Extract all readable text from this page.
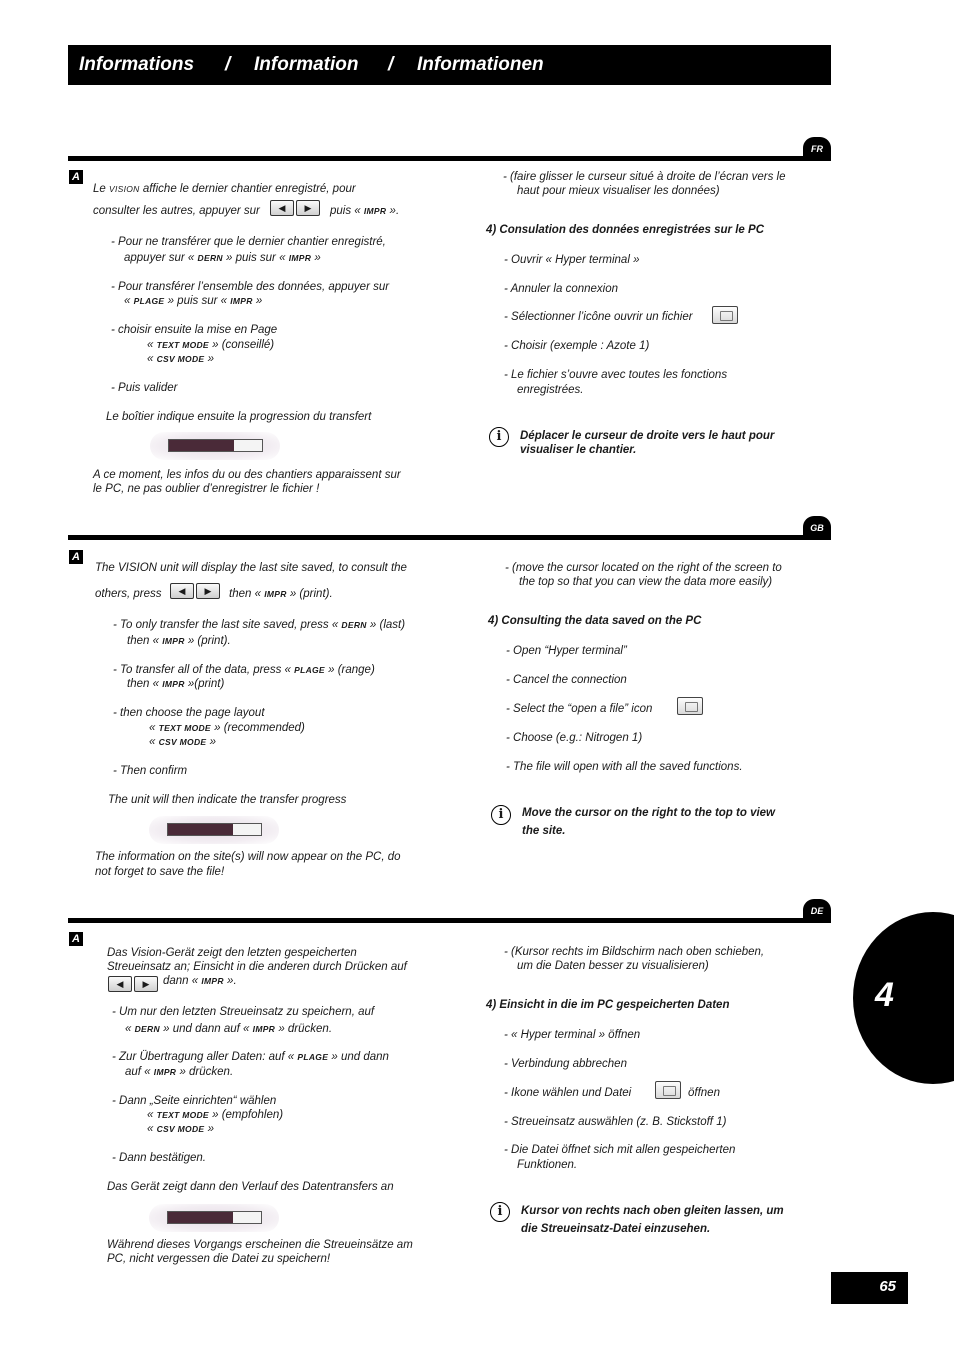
Informations / Information / Informationen
FR
A
Le VISION affiche le dernier chantier enregistré, pour
consulter les autres, appuyer sur	◀	▶	puis « IMPR ».
- Pour ne transférer que le dernier chantier enregistré,
appuyer sur « DERN » puis sur « IMPR »
- Pour transférer l’ensemble des données, appuyer sur
« PLAGE » puis sur « IMPR »
- choisir ensuite la mise en Page
« TEXT MODE » (conseillé)
« CSV MODE »
- Puis valider
Le boîtier indique ensuite la progression du transfert
A ce moment, les infos du ou des chantiers apparaissent sur
le PC, ne pas oublier d’enregistrer le fichier !
- (faire glisser le curseur situé à droite de l’écran vers le
haut pour mieux visualiser les données)
4) Consulation des données enregistrées sur le PC
- Ouvrir « Hyper terminal »
- Annuler la connexion
- Sélectionner l’icône ouvrir un fichier
- Choisir (exemple : Azote 1)
- Le fichier s’ouvre avec toutes les fonctions
enregistrées.
i	Déplacer le curseur de droite vers le haut pour
visualiser le chantier.
GB
A
The VISION unit will display the last site saved, to consult the
others, press	◀	▶	then « IMPR » (print).
- To only transfer the last site saved, press « DERN » (last)
then « IMPR » (print).
- To transfer all of the data, press « PLAGE » (range)
then « IMPR »(print)
- then choose the page layout
« TEXT MODE » (recommended)
« CSV MODE »
- Then confirm
The unit will then indicate the transfer progress
The information on the site(s) will now appear on the PC, do
not forget to save the file!
- (move the cursor located on the right of the screen to
the top so that you can view the data more easily)
4) Consulting the data saved on the PC
- Open “Hyper terminal”
- Cancel the connection
- Select the “open a file” icon
- Choose (e.g.: Nitrogen 1)
- The file will open with all the saved functions.
i	Move the cursor on the right to the top to view
the site.
DE
A
Das Vision-Gerät zeigt den letzten gespeicherten
Streueinsatz an; Einsicht in die anderen durch Drücken auf
◀	▶	dann « IMPR ».
- Um nur den letzten Streueinsatz zu speichern, auf
« DERN » und dann auf « IMPR » drücken.
- Zur Übertragung aller Daten: auf « PLAGE » und dann
auf « IMPR » drücken.
- Dann „Seite einrichten“ wählen
« TEXT MODE » (empfohlen)
« CSV MODE »
- Dann bestätigen.
Das Gerät zeigt dann den Verlauf des Datentransfers an
Während dieses Vorgangs erscheinen die Streueinsätze am
PC, nicht vergessen die Datei zu speichern!
- (Kursor rechts im Bildschirm nach oben schieben,
um die Daten besser zu visualisieren)
4) Einsicht in die im PC gespeicherten Daten
- « Hyper terminal » öffnen
- Verbindung abbrechen
- Ikone wählen und Datei	öffnen
- Streueinsatz auswählen (z. B. Stickstoff 1)
- Die Datei öffnet sich mit allen gespeicherten
Funktionen.
i	Kursor von rechts nach oben gleiten lassen, um
die Streueinsatz-Datei einzusehen.
4
65
